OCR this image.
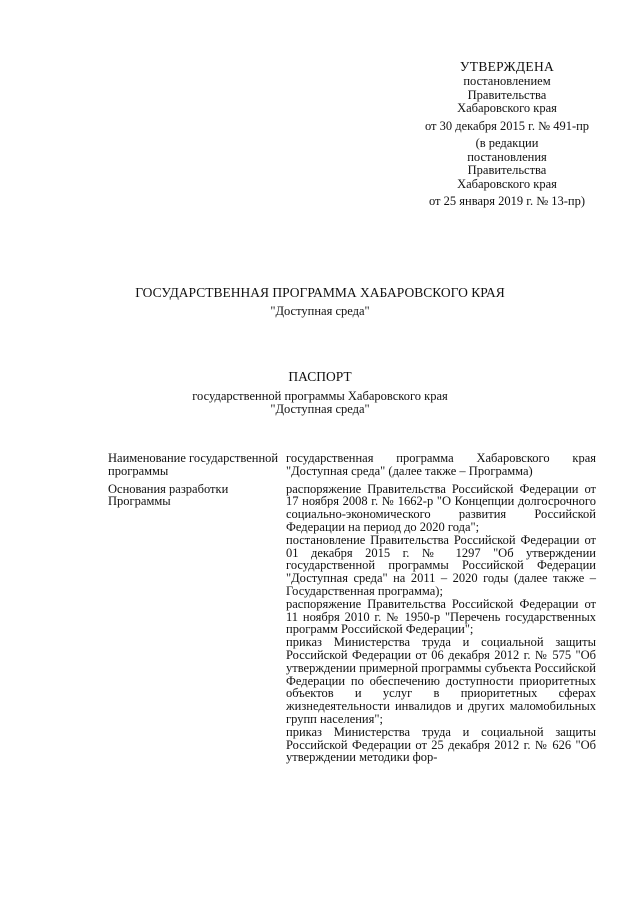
УТВЕРЖДЕНА
постановлением
Правительства
Хабаровского края
от 30 декабря 2015 г. № 491-пр
(в редакции
постановления
Правительства
Хабаровского края
от 25 января 2019 г. № 13-пр)
ГОСУДАРСТВЕННАЯ ПРОГРАММА ХАБАРОВСКОГО КРАЯ
"Доступная среда"
ПАСПОРТ
государственной программы Хабаровского края
"Доступная среда"
Наименование государственной программы
государственная программа Хабаровского края "Доступная среда" (далее также – Программа)
Основания разработки Программы
распоряжение Правительства Российской Федерации от 17 ноября 2008 г. № 1662-р "О Концепции долгосрочного социально-экономического развития Российской Федерации на период до 2020 года";
постановление Правительства Российской Федерации от 01 декабря 2015 г. № 1297 "Об утверждении государственной программы Российской Федерации "Доступная среда" на 2011 – 2020 годы (далее также – Государственная программа);
распоряжение Правительства Российской Федерации от 11 ноября 2010 г. № 1950-р "Перечень государственных программ Российской Федерации";
приказ Министерства труда и социальной защиты Российской Федерации от 06 декабря 2012 г. № 575 "Об утверждении примерной программы субъекта Российской Федерации по обеспечению доступности приоритетных объектов и услуг в приоритетных сферах жизнедеятельности инвалидов и других маломобильных групп населения";
приказ Министерства труда и социальной защиты Российской Федерации от 25 декабря 2012 г. № 626 "Об утверждении методики фор-
